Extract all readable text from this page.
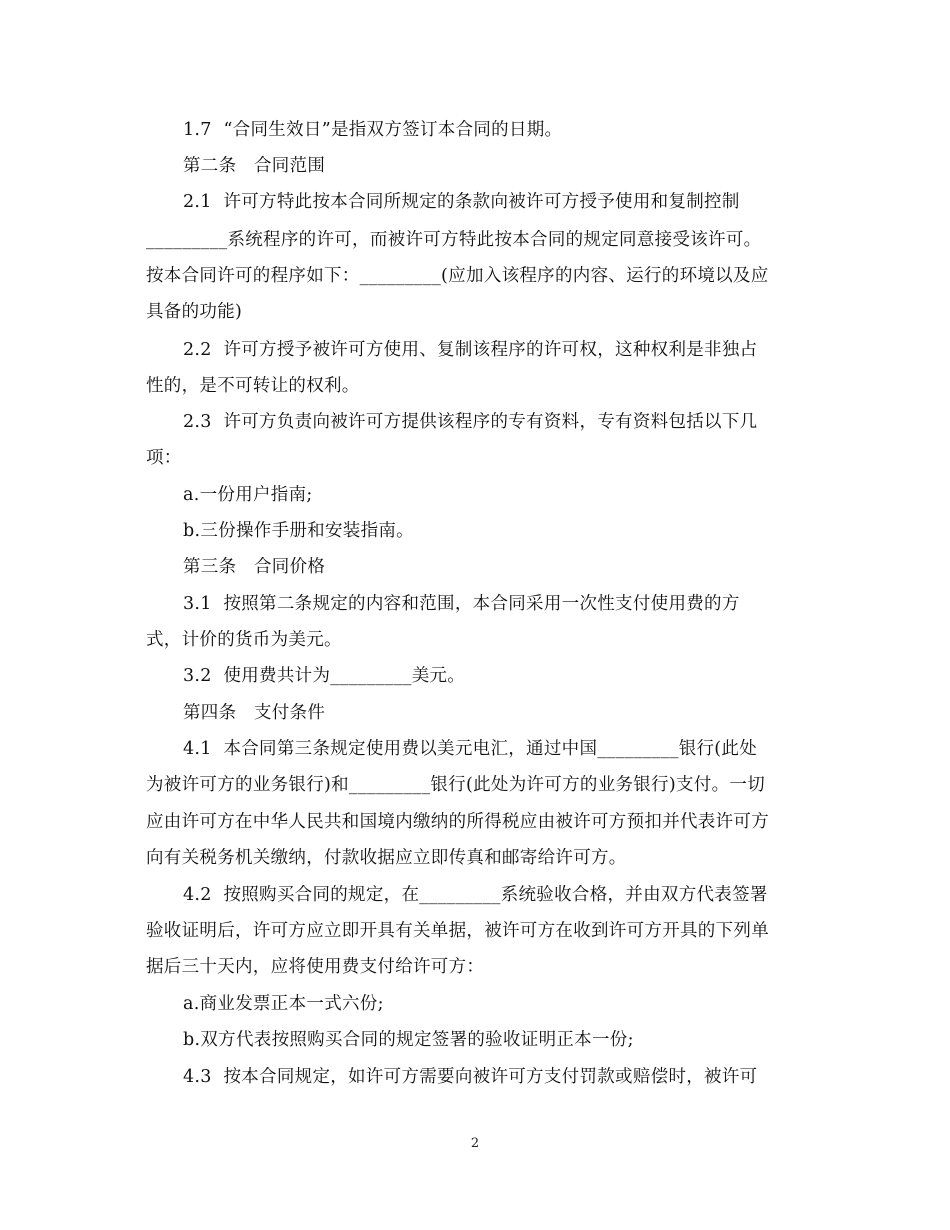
1.7  “合同生效日”是指双方签订本合同的日期。
第二条   合同范围
2.1  许可方特此按本合同所规定的条款向被许可方授予使用和复制控制
_________系统程序的许可，而被许可方特此按本合同的规定同意接受该许可。
按本合同许可的程序如下：_________(应加入该程序的内容、运行的环境以及应
具备的功能)
2.2  许可方授予被许可方使用、复制该程序的许可权，这种权利是非独占
性的，是不可转让的权利。
2.3  许可方负责向被许可方提供该程序的专有资料，专有资料包括以下几
项：
a.一份用户指南;
b.三份操作手册和安装指南。
第三条   合同价格
3.1  按照第二条规定的内容和范围，本合同采用一次性支付使用费的方
式，计价的货币为美元。
3.2  使用费共计为_________美元。
第四条   支付条件
4.1  本合同第三条规定使用费以美元电汇，通过中国_________银行(此处
为被许可方的业务银行)和_________银行(此处为许可方的业务银行)支付。一切
应由许可方在中华人民共和国境内缴纳的所得税应由被许可方预扣并代表许可方
向有关税务机关缴纳，付款收据应立即传真和邮寄给许可方。
4.2  按照购买合同的规定，在_________系统验收合格，并由双方代表签署
验收证明后，许可方应立即开具有关单据，被许可方在收到许可方开具的下列单
据后三十天内，应将使用费支付给许可方：
a.商业发票正本一式六份;
b.双方代表按照购买合同的规定签署的验收证明正本一份;
4.3  按本合同规定，如许可方需要向被许可方支付罚款或赔偿时，被许可
2
